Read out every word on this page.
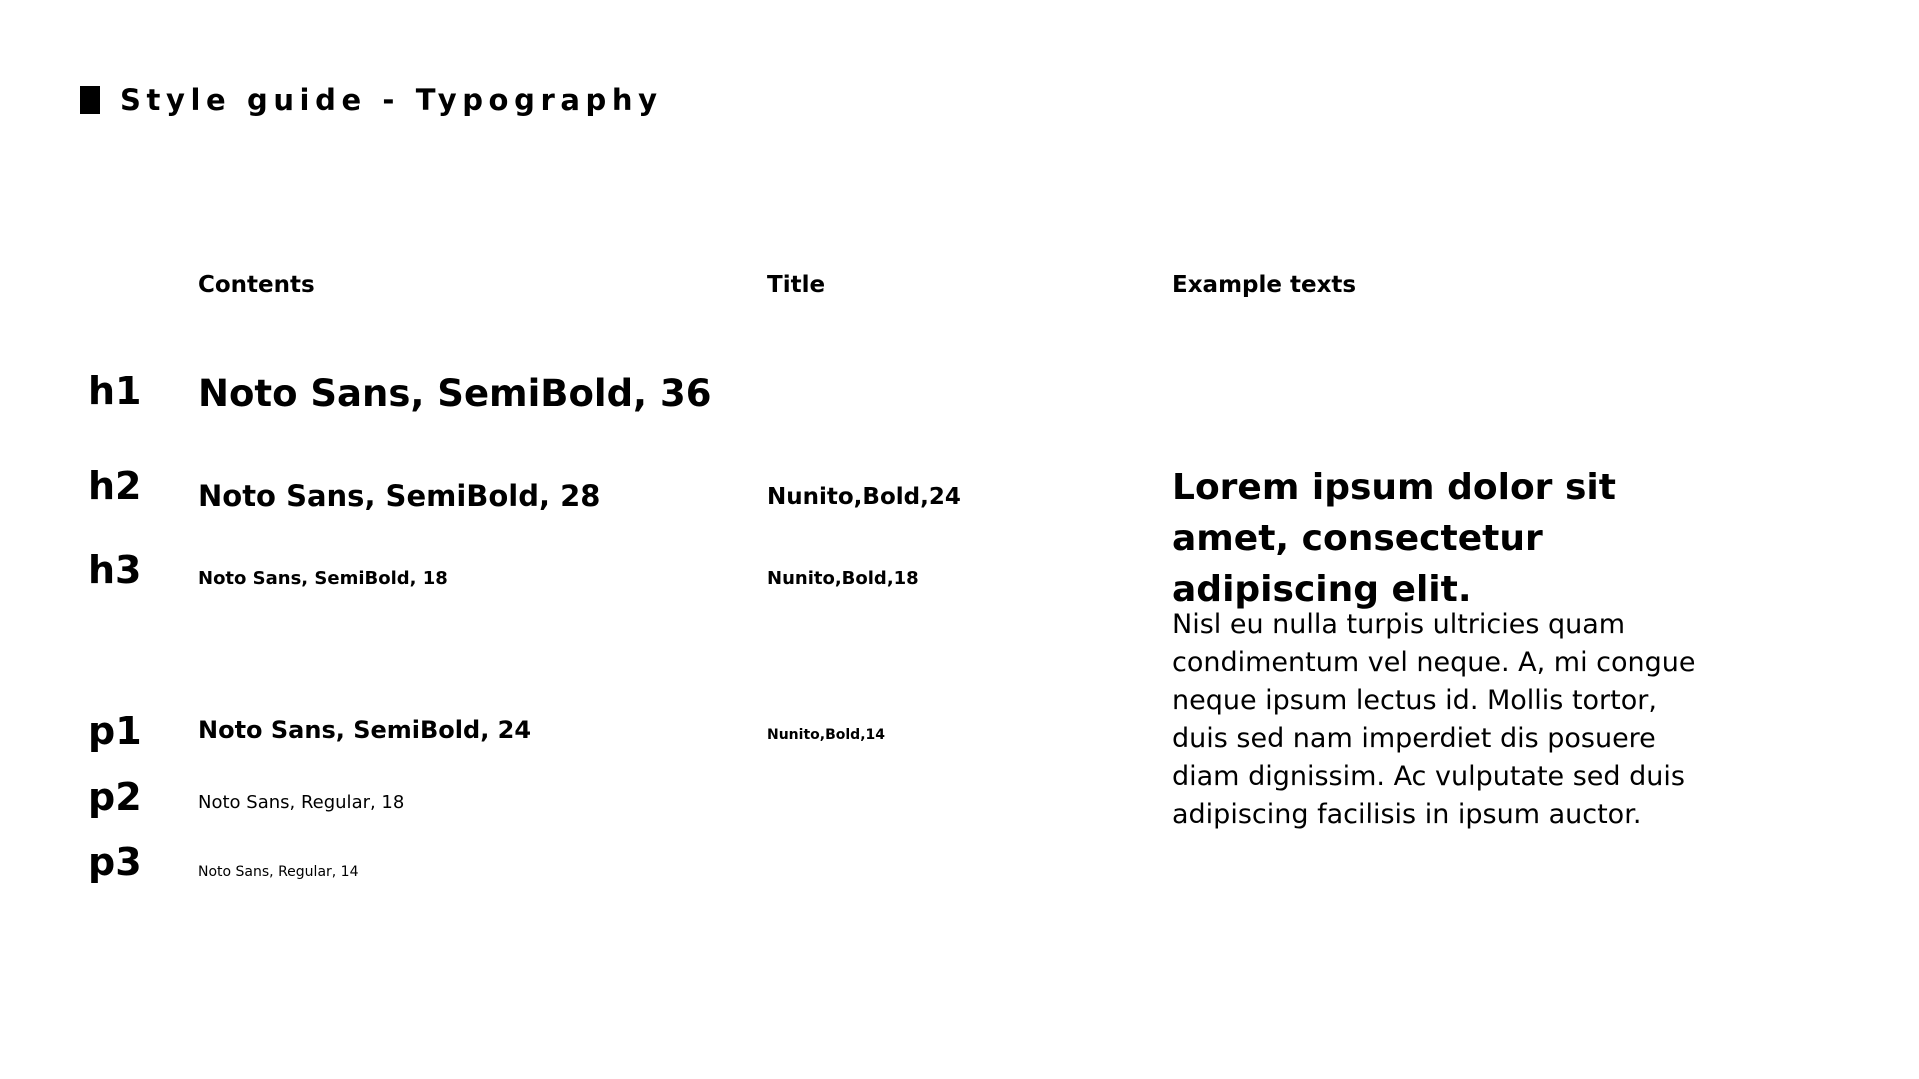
Style guide - Typography
Contents	Title	Example texts
h1 Noto Sans, SemiBold, 36
h2 Noto Sans, SemiBold, 28	Nunito,Bold,24
h3	Noto Sans, SemiBold, 18	Nunito,Bold,18
p1 Noto Sans, SemiBold, 24	Nunito,Bold,14
p2	Noto Sans, Regular, 18
p3	Noto Sans, Regular, 14
Lorem ipsum dolor sit amet, consectetur adipiscing elit.
Nisl eu nulla turpis ultricies quam condimentum vel neque. A, mi congue neque ipsum lectus id. Mollis tortor, duis sed nam imperdiet dis posuere diam dignissim. Ac vulputate sed duis adipiscing facilisis in ipsum auctor.
